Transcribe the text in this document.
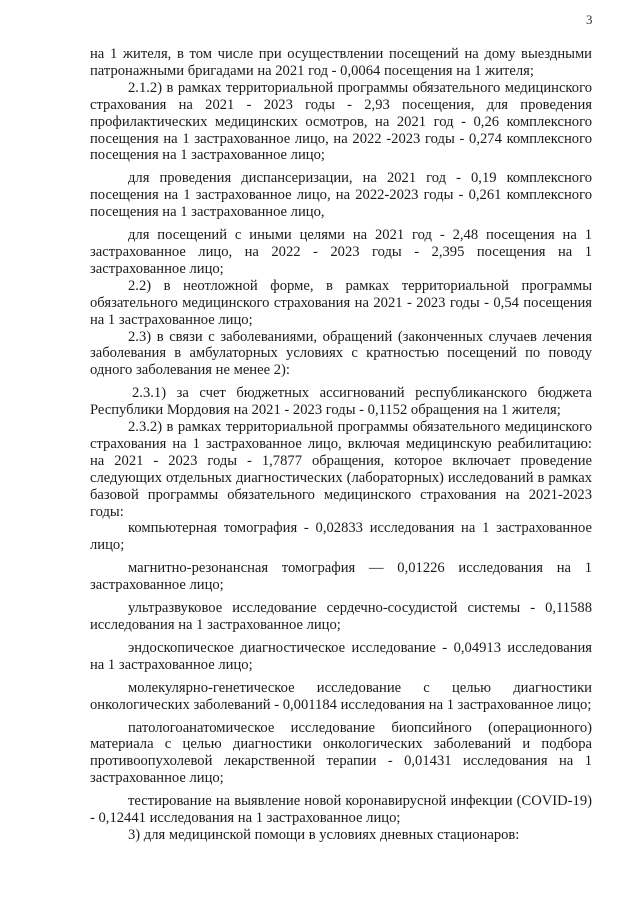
3

на 1 жителя, в том числе при осуществлении посещений на дому выездными патронажными бригадами на 2021 год - 0,0064 посещения на 1 жителя;

2.1.2) в рамках территориальной программы обязательного медицинского страхования на 2021 - 2023 годы - 2,93 посещения, для проведения профилактических медицинских осмотров, на 2021 год - 0,26 комплексного посещения на 1 застрахованное лицо, на 2022 -2023 годы - 0,274 комплексного посещения на 1 застрахованное лицо;

для проведения диспансеризации, на 2021 год - 0,19 комплексного посещения на 1 застрахованное лицо, на 2022-2023 годы - 0,261 комплексного посещения на 1 застрахованное лицо,

для посещений с иными целями на 2021 год - 2,48 посещения на 1 застрахованное лицо, на 2022 - 2023 годы - 2,395 посещения на 1 застрахованное лицо;

2.2) в неотложной форме, в рамках территориальной программы обязательного медицинского страхования на 2021 - 2023 годы - 0,54 посещения на 1 застрахованное лицо;

2.3) в связи с заболеваниями, обращений (законченных случаев лечения заболевания в амбулаторных условиях с кратностью посещений по поводу одного заболевания не менее 2):

2.3.1) за счет бюджетных ассигнований республиканского бюджета Республики Мордовия на 2021 - 2023 годы - 0,1152 обращения на 1 жителя;

2.3.2) в рамках территориальной программы обязательного медицинского страхования на 1 застрахованное лицо, включая медицинскую реабилитацию: на 2021 - 2023 годы - 1,7877 обращения, которое включает проведение следующих отдельных диагностических (лабораторных) исследований в рамках базовой программы обязательного медицинского страхования на 2021-2023 годы:

компьютерная томография - 0,02833 исследования на 1 застрахованное лицо;

магнитно-резонансная томография — 0,01226 исследования на 1 застрахованное лицо;

ультразвуковое исследование сердечно-сосудистой системы - 0,11588 исследования на 1 застрахованное лицо;

эндоскопическое диагностическое исследование - 0,04913 исследования на 1 застрахованное лицо;

молекулярно-генетическое исследование с целью диагностики онкологических заболеваний - 0,001184 исследования на 1 застрахованное лицо;

патологоанатомическое исследование биопсийного (операционного) материала с целью диагностики онкологических заболеваний и подбора противоопухолевой лекарственной терапии - 0,01431 исследования на 1 застрахованное лицо;

тестирование на выявление новой коронавирусной инфекции (COVID-19) - 0,12441 исследования на 1 застрахованное лицо;

3) для медицинской помощи в условиях дневных стационаров:
